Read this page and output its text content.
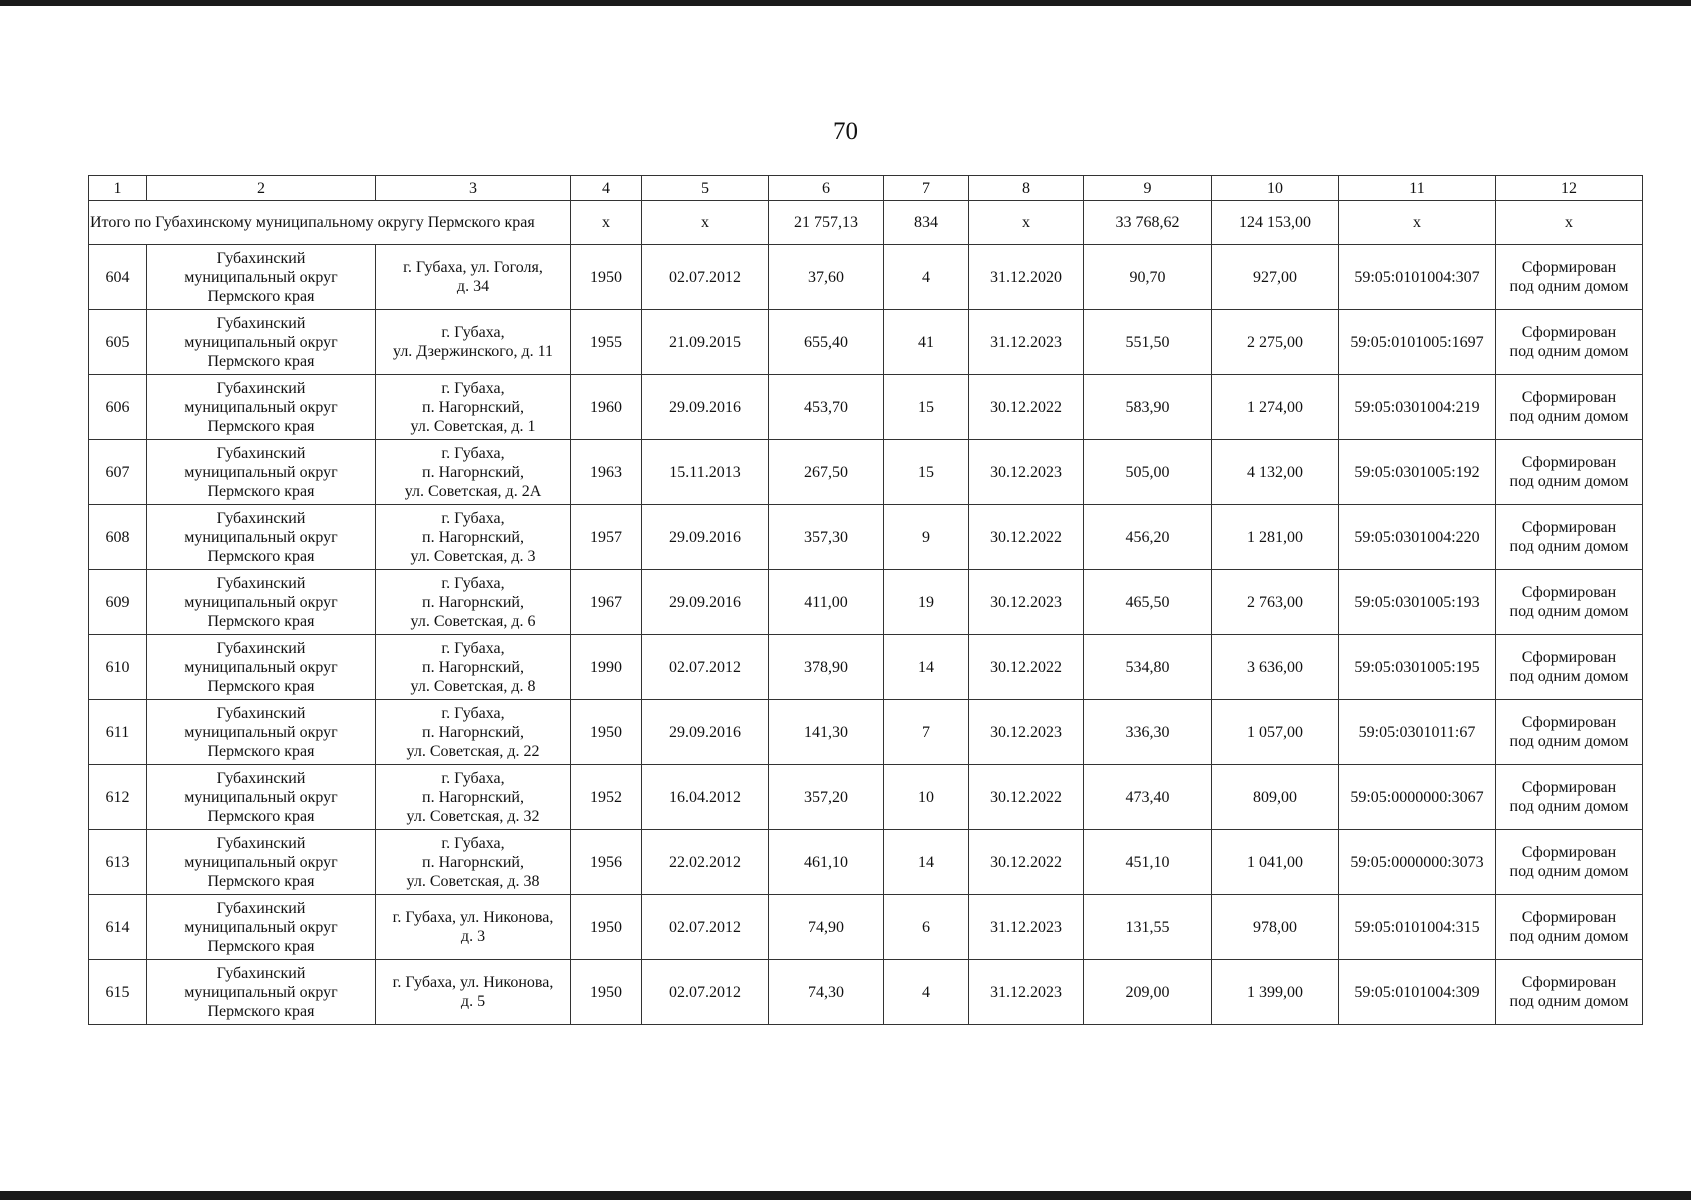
70
1	2	3	4	5	6	7	8	9	10	11	12
Итого по Губахинскому муниципальному округу Пермского края			х	х	21 757,13	834	х	33 768,62	124 153,00	х	х
604	Губахинский
муниципальный округ
Пермского края	г. Губаха, ул. Гоголя,
д. 34	1950	02.07.2012	37,60	4	31.12.2020	90,70	927,00	59:05:0101004:307	Сформирован
под одним домом

605	Губахинский
муниципальный округ
Пермского края	г. Губаха,
ул. Дзержинского, д. 11	1955	21.09.2015	655,40	41	31.12.2023	551,50	2 275,00	59:05:0101005:1697	Сформирован
под одним домом

606	Губахинский
муниципальный округ
Пермского края	г. Губаха,
п. Нагорнский,
ул. Советская, д. 1	1960	29.09.2016	453,70	15	30.12.2022	583,90	1 274,00	59:05:0301004:219	Сформирован
под одним домом

607	Губахинский
муниципальный округ
Пермского края	г. Губаха,
п. Нагорнский,
ул. Советская, д. 2А	1963	15.11.2013	267,50	15	30.12.2023	505,00	4 132,00	59:05:0301005:192	Сформирован
под одним домом

608	Губахинский
муниципальный округ
Пермского края	г. Губаха,
п. Нагорнский,
ул. Советская, д. 3	1957	29.09.2016	357,30	9	30.12.2022	456,20	1 281,00	59:05:0301004:220	Сформирован
под одним домом

609	Губахинский
муниципальный округ
Пермского края	г. Губаха,
п. Нагорнский,
ул. Советская, д. 6	1967	29.09.2016	411,00	19	30.12.2023	465,50	2 763,00	59:05:0301005:193	Сформирован
под одним домом

610	Губахинский
муниципальный округ
Пермского края	г. Губаха,
п. Нагорнский,
ул. Советская, д. 8	1990	02.07.2012	378,90	14	30.12.2022	534,80	3 636,00	59:05:0301005:195	Сформирован
под одним домом

611	Губахинский
муниципальный округ
Пермского края	г. Губаха,
п. Нагорнский,
ул. Советская, д. 22	1950	29.09.2016	141,30	7	30.12.2023	336,30	1 057,00	59:05:0301011:67	Сформирован
под одним домом

612	Губахинский
муниципальный округ
Пермского края	г. Губаха,
п. Нагорнский,
ул. Советская, д. 32	1952	16.04.2012	357,20	10	30.12.2022	473,40	809,00	59:05:0000000:3067	Сформирован
под одним домом

613	Губахинский
муниципальный округ
Пермского края	г. Губаха,
п. Нагорнский,
ул. Советская, д. 38	1956	22.02.2012	461,10	14	30.12.2022	451,10	1 041,00	59:05:0000000:3073	Сформирован
под одним домом

614	Губахинский
муниципальный округ
Пермского края	г. Губаха, ул. Никонова,
д. 3	1950	02.07.2012	74,90	6	31.12.2023	131,55	978,00	59:05:0101004:315	Сформирован
под одним домом

615	Губахинский
муниципальный округ
Пермского края	г. Губаха, ул. Никонова,
д. 5	1950	02.07.2012	74,30	4	31.12.2023	209,00	1 399,00	59:05:0101004:309	Сформирован
под одним домом
